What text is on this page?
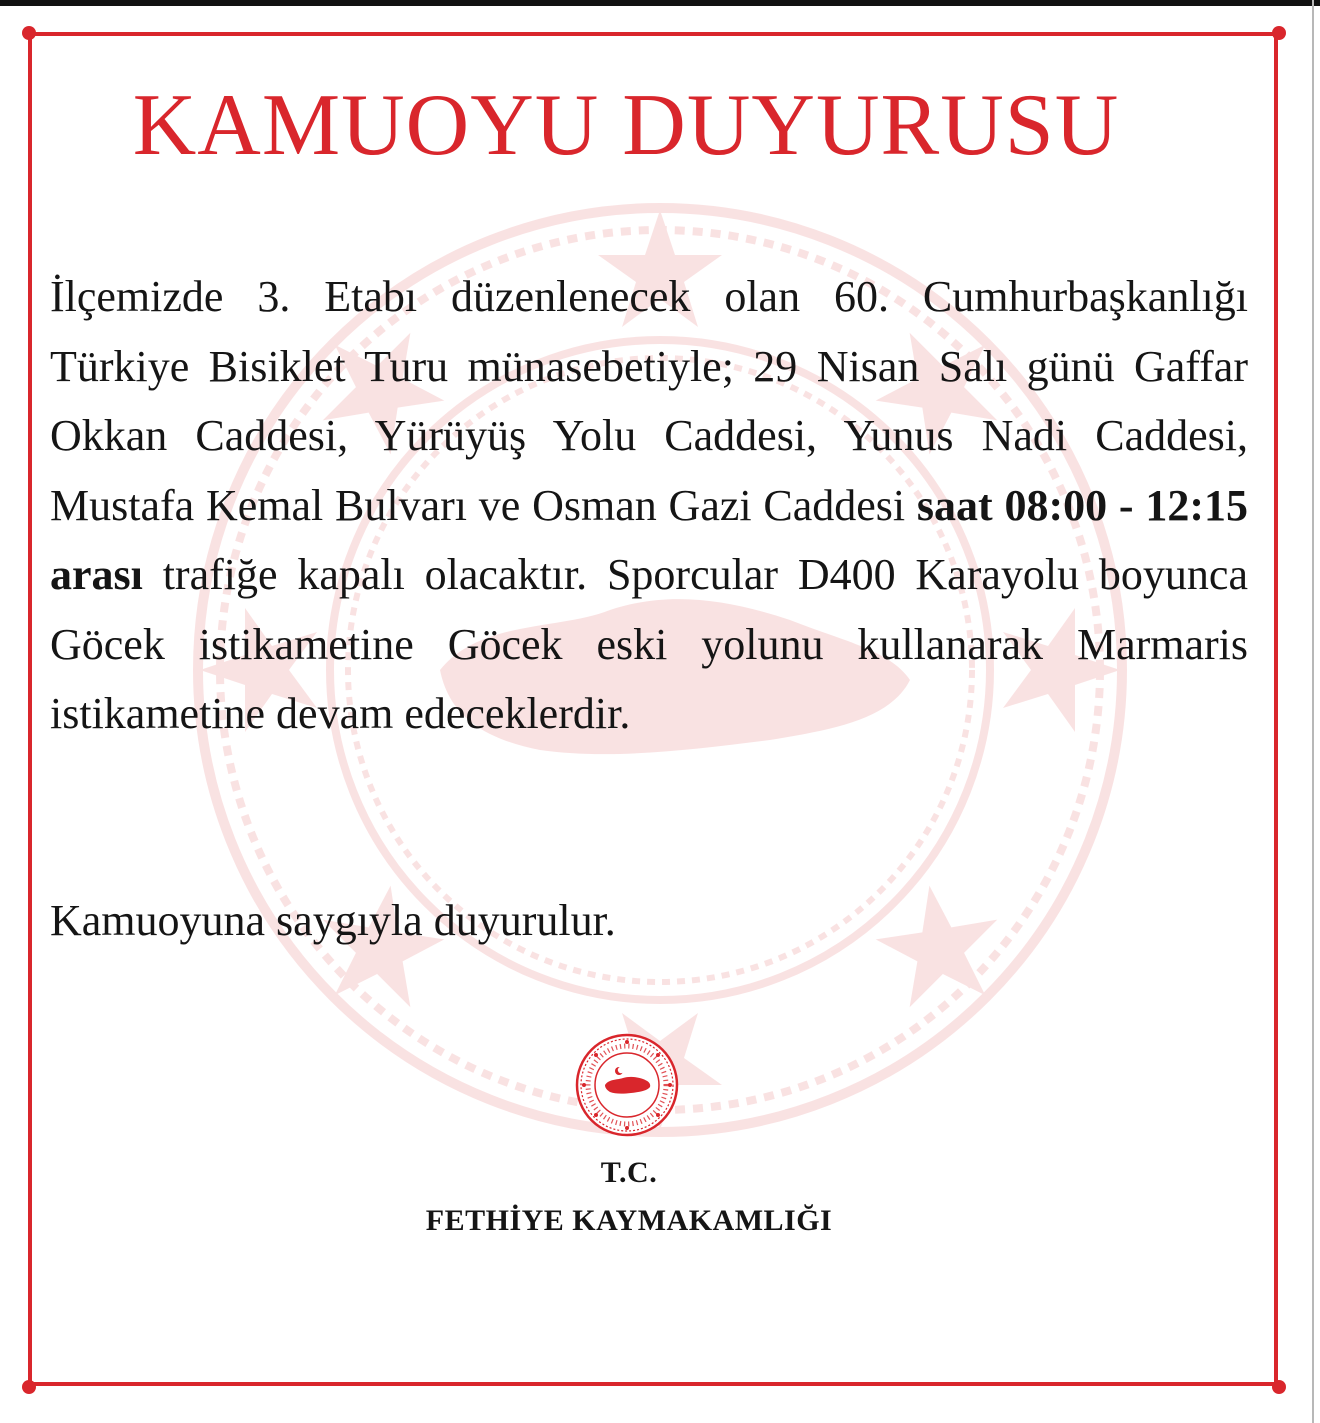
KAMUOYU DUYURUSU
İlçemizde 3. Etabı düzenlenecek olan 60. Cumhurbaşkanlığı Türkiye Bisiklet Turu münasebetiyle; 29 Nisan Salı günü Gaffar Okkan Caddesi, Yürüyüş Yolu Caddesi, Yunus Nadi Caddesi, Mustafa Kemal Bulvarı ve Osman Gazi Caddesi saat 08:00 - 12:15 arası trafiğe kapalı olacaktır. Sporcular D400 Karayolu boyunca Göcek istikametine Göcek eski yolunu kullanarak Marmaris istikametine devam edeceklerdir.
Kamuoyuna saygıyla duyurulur.
T.C.
FETHİYE KAYMAKAMLIĞI
